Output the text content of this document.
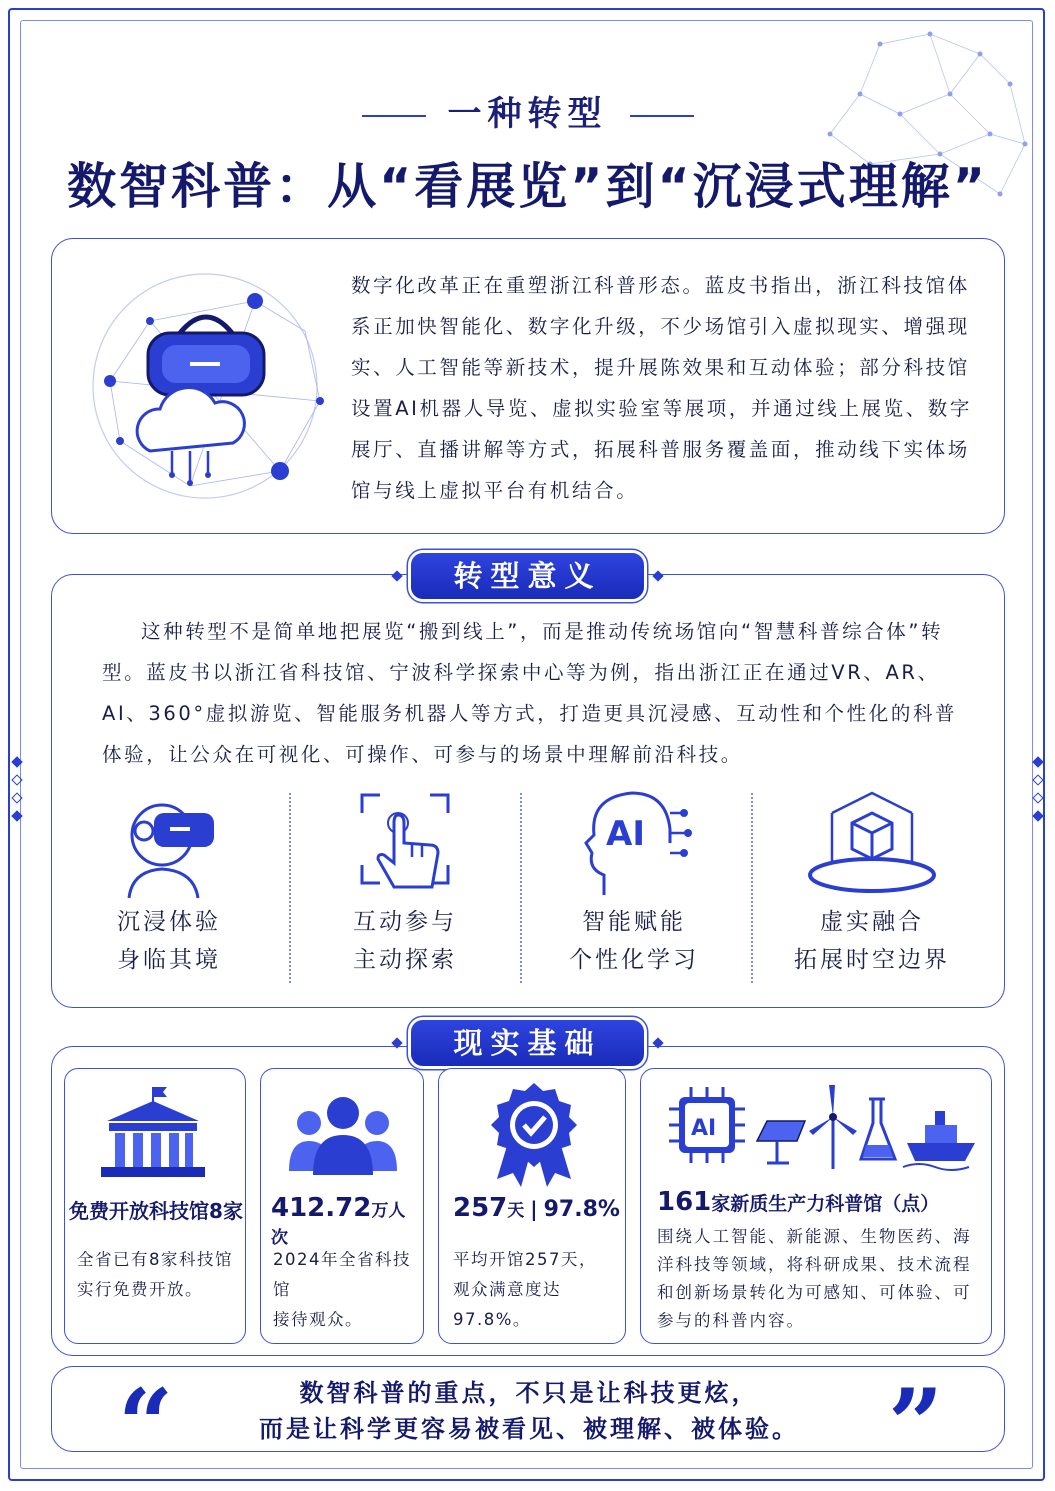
一种转型
数智科普：从“看展览”到“沉浸式理解”
数字化改革正在重塑浙江科普形态。蓝皮书指出，浙江科技馆体系正加快智能化、数字化升级，不少场馆引入虚拟现实、增强现实、人工智能等新技术，提升展陈效果和互动体验；部分科技馆设置AI机器人导览、虚拟实验室等展项，并通过线上展览、数字展厅、直播讲解等方式，拓展科普服务覆盖面，推动线下实体场馆与线上虚拟平台有机结合。
这种转型不是简单地把展览“搬到线上”，而是推动传统场馆向“智慧科普综合体”转型。蓝皮书以浙江省科技馆、宁波科学探索中心等为例，指出浙江正在通过VR、AR、AI、360°虚拟游览、智能服务机器人等方式，打造更具沉浸感、互动性和个性化的科普体验，让公众在可视化、可操作、可参与的场景中理解前沿科技。
沉浸体验
身临其境
互动参与
主动探索
AI
智能赋能
个性化学习
虚实融合
拓展时空边界
转型意义
现实基础
免费开放科技馆8家
全省已有8家科技馆
实行免费开放。
412.72万人次
2024年全省科技馆
接待观众。
257天 | 97.8%
平均开馆257天，
观众满意度达97.8%。
AI
161家新质生产力科普馆（点）
围绕人工智能、新能源、生物医药、海洋科技等领域，将科研成果、技术流程和创新场景转化为可感知、可体验、可参与的科普内容。
“	数智科普的重点，不只是让科技更炫，
而是让科学更容易被看见、被理解、被体验。 ”
